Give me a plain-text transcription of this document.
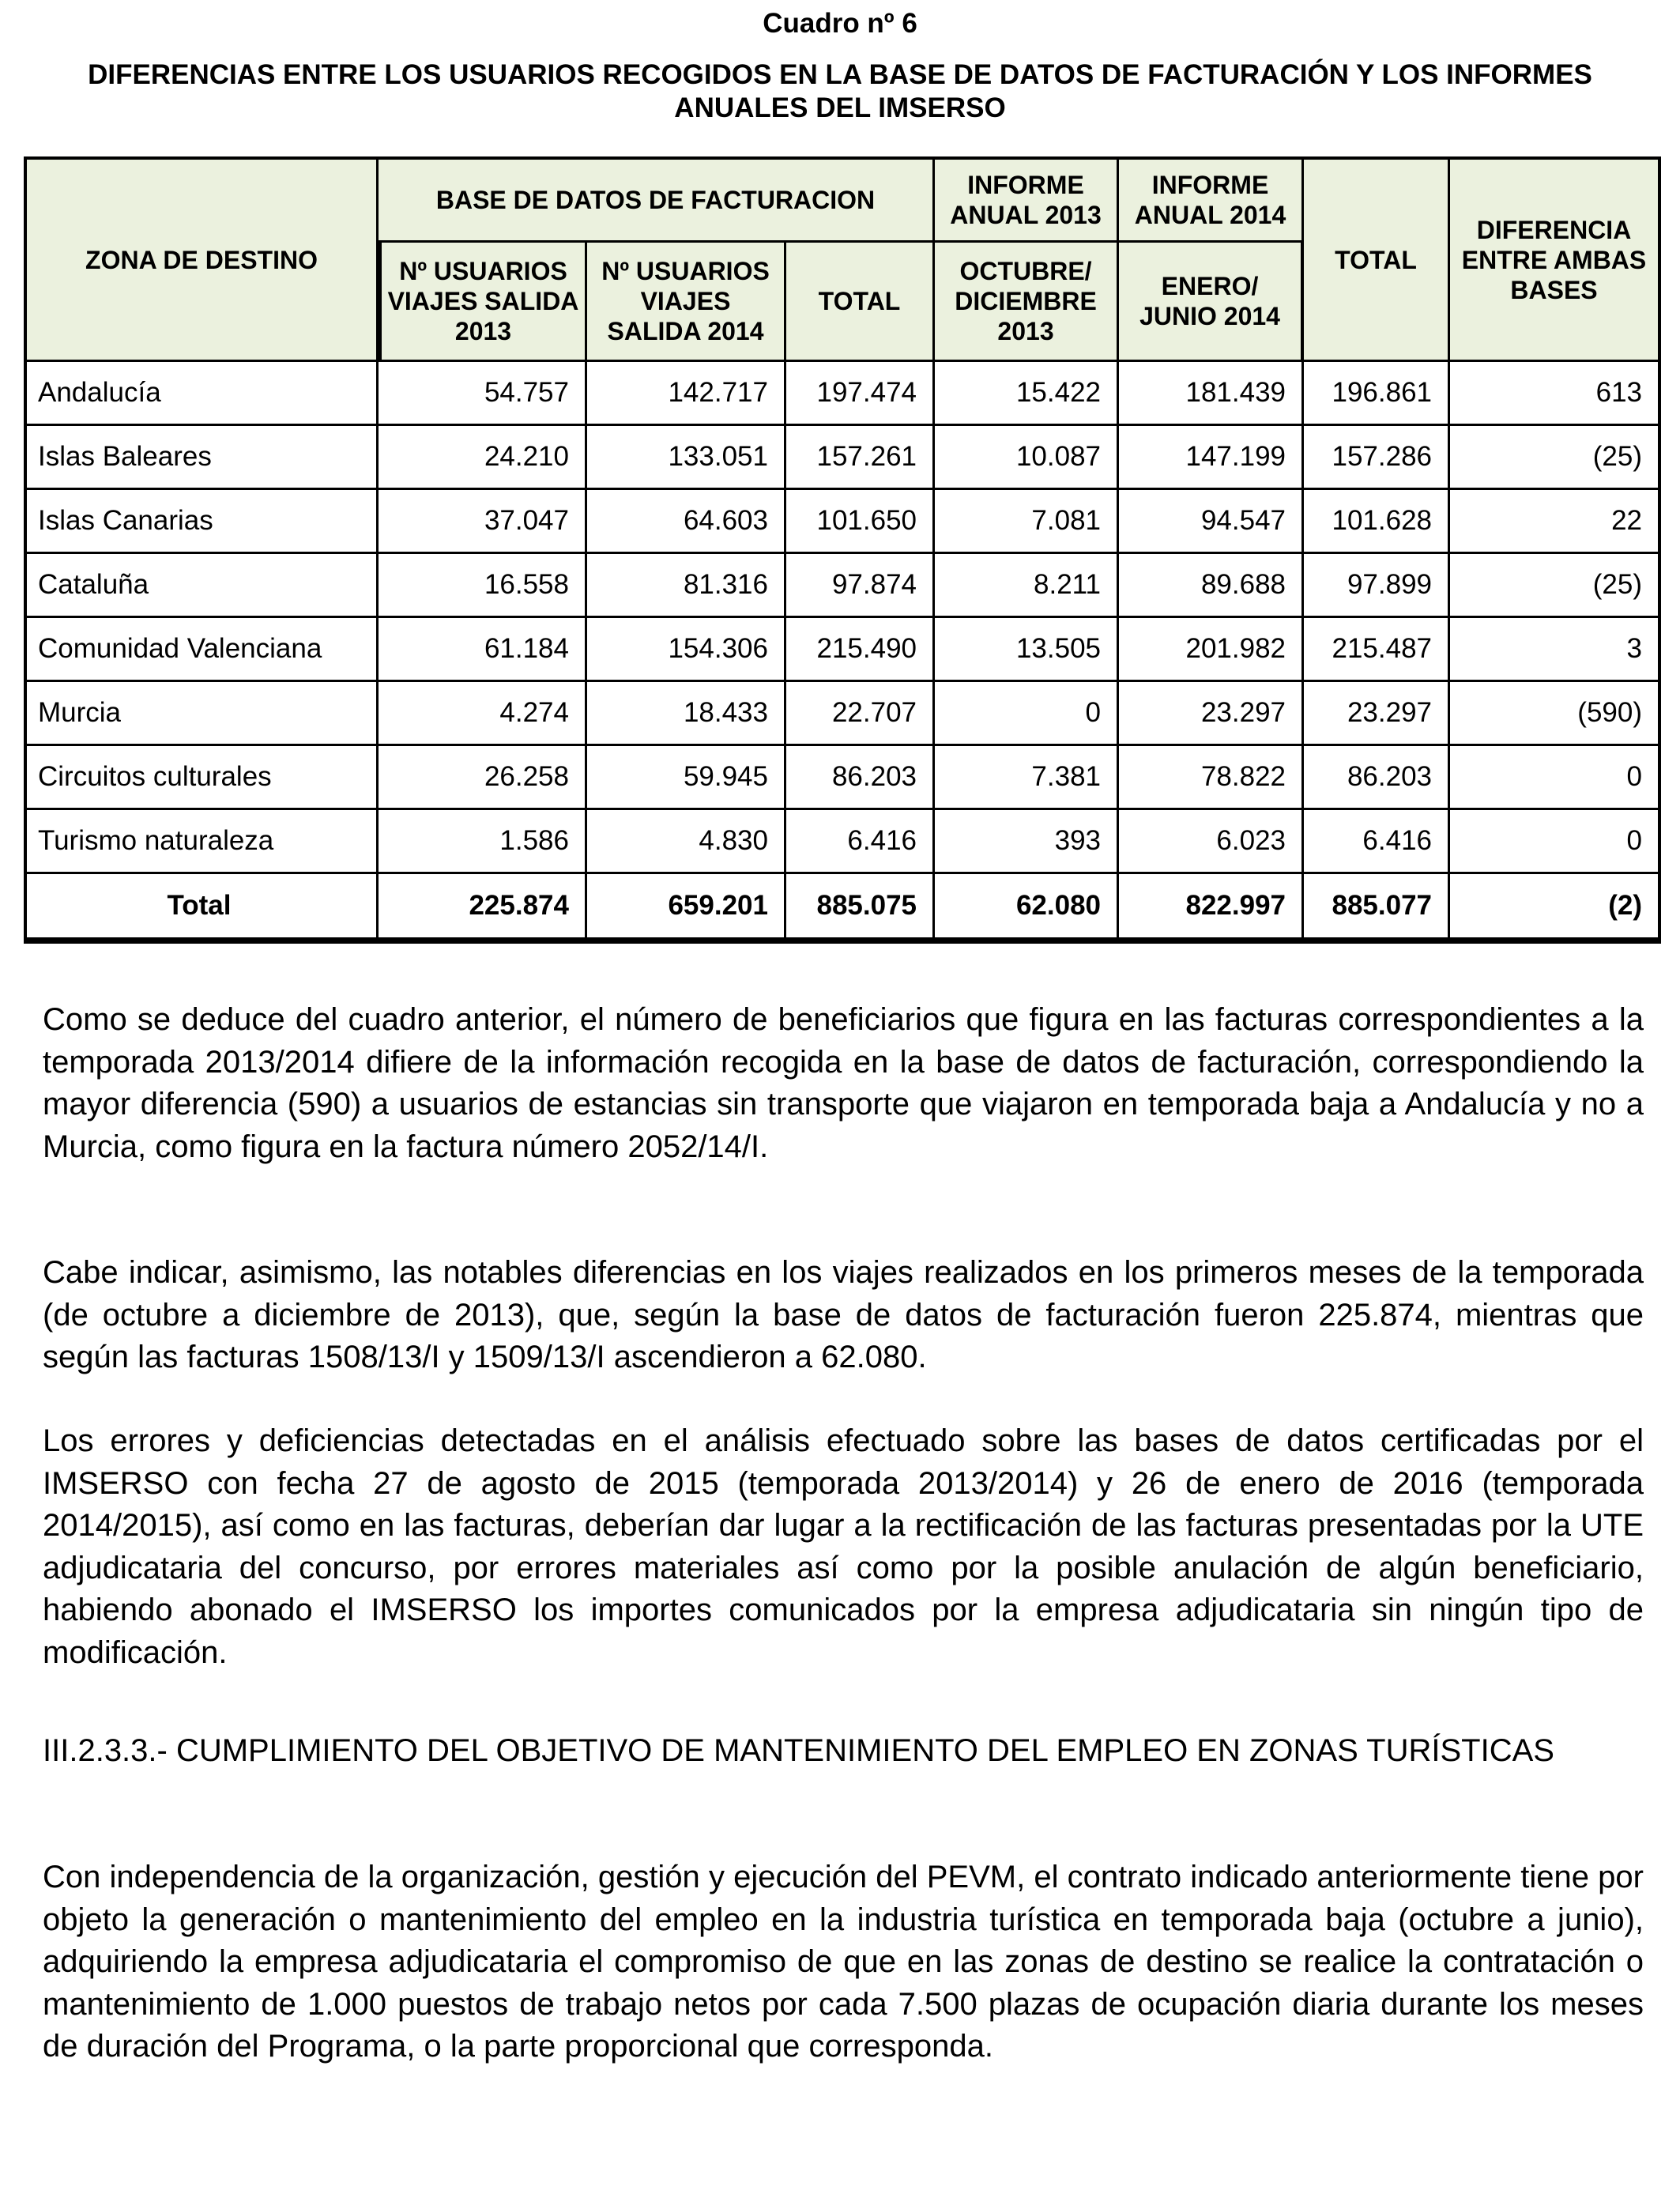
Cuadro nº 6
DIFERENCIAS ENTRE LOS USUARIOS RECOGIDOS EN LA BASE DE DATOS DE FACTURACIÓN Y LOS INFORMES ANUALES DEL IMSERSO
ZONA DE DESTINO	BASE DE DATOS DE FACTURACION			INFORME ANUAL 2013	INFORME ANUAL 2014	TOTAL	DIFERENCIA ENTRE AMBAS BASES
	Nº USUARIOS VIAJES SALIDA 2013	Nº USUARIOS VIAJES SALIDA 2014	TOTAL	OCTUBRE/ DICIEMBRE 2013	ENERO/ JUNIO 2014		
Andalucía	54.757	142.717	197.474	15.422	181.439	196.861	613
Islas Baleares	24.210	133.051	157.261	10.087	147.199	157.286	(25)
Islas Canarias	37.047	64.603	101.650	7.081	94.547	101.628	22
Cataluña	16.558	81.316	97.874	8.211	89.688	97.899	(25)
Comunidad Valenciana	61.184	154.306	215.490	13.505	201.982	215.487	3
Murcia	4.274	18.433	22.707	0	23.297	23.297	(590)
Circuitos culturales	26.258	59.945	86.203	7.381	78.822	86.203	0
Turismo naturaleza	1.586	4.830	6.416	393	6.023	6.416	0
Total	225.874	659.201	885.075	62.080	822.997	885.077	(2)

Como se deduce del cuadro anterior, el número de beneficiarios que figura en las facturas correspondientes a la temporada 2013/2014 difiere de la información recogida en la base de datos de facturación, correspondiendo la mayor diferencia (590) a usuarios de estancias sin transporte que viajaron en temporada baja a Andalucía y no a Murcia, como figura en la factura número 2052/14/I.

Cabe indicar, asimismo, las notables diferencias en los viajes realizados en los primeros meses de la temporada (de octubre a diciembre de 2013), que, según la base de datos de facturación fueron 225.874, mientras que según las facturas 1508/13/I y 1509/13/I ascendieron a 62.080.

Los errores y deficiencias detectadas en el análisis efectuado sobre las bases de datos certificadas por el IMSERSO con fecha 27 de agosto de 2015 (temporada 2013/2014) y 26 de enero de 2016 (temporada 2014/2015), así como en las facturas, deberían dar lugar a la rectificación de las facturas presentadas por la UTE adjudicataria del concurso, por errores materiales así como por la posible anulación de algún beneficiario, habiendo abonado el IMSERSO los importes comunicados por la empresa adjudicataria sin ningún tipo de modificación.

III.2.3.3.- CUMPLIMIENTO DEL OBJETIVO DE MANTENIMIENTO DEL EMPLEO EN ZONAS TURÍSTICAS

Con independencia de la organización, gestión y ejecución del PEVM, el contrato indicado anteriormente tiene por objeto la generación o mantenimiento del empleo en la industria turística en temporada baja (octubre a junio), adquiriendo la empresa adjudicataria el compromiso de que en las zonas de destino se realice la contratación o mantenimiento de 1.000 puestos de trabajo netos por cada 7.500 plazas de ocupación diaria durante los meses de duración del Programa, o la parte proporcional que corresponda.
